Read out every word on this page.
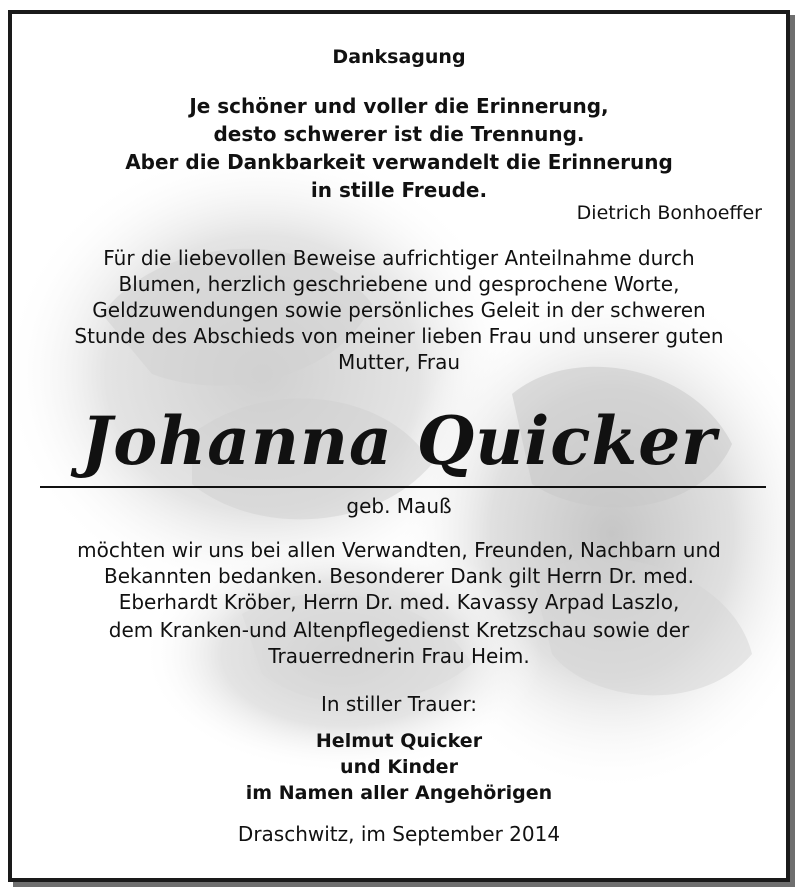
Danksagung
Je schöner und voller die Erinnerung,
desto schwerer ist die Trennung.
Aber die Dankbarkeit verwandelt die Erinnerung
in stille Freude.
Dietrich Bonhoeffer
Für die liebevollen Beweise aufrichtiger Anteilnahme durch
Blumen, herzlich geschriebene und gesprochene Worte,
Geldzuwendungen sowie persönliches Geleit in der schweren
Stunde des Abschieds von meiner lieben Frau und unserer guten
Mutter, Frau
Johanna Quicker
geb. Mauß
möchten wir uns bei allen Verwandten, Freunden, Nachbarn und
Bekannten bedanken. Besonderer Dank gilt Herrn Dr. med.
Eberhardt Kröber, Herrn Dr. med. Kavassy Arpad Laszlo,
dem Kranken-und Altenpflegedienst Kretzschau sowie der
Trauerrednerin Frau Heim.
In stiller Trauer:
Helmut Quicker
und Kinder
im Namen aller Angehörigen
Draschwitz, im September 2014
